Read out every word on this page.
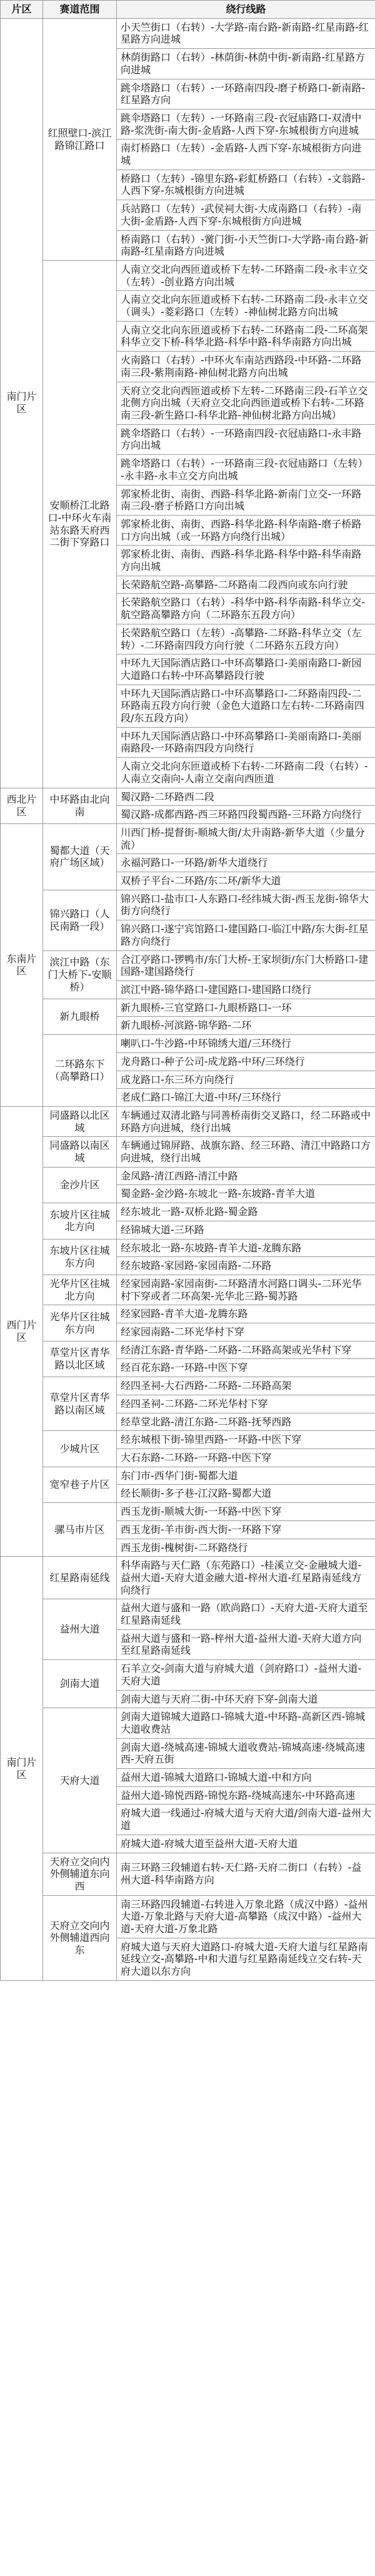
片区	赛道范围	绕行线路
南门片区	红照壁口-滨江路锦江路口	小天竺街口（右转）-大学路-南台路-新南路-红星南路-红星路方向进城
		林荫街路口（右转）-林荫街-林荫中街-新南路-红星路方向进城
		跳伞塔路口（右转）-一环路南四段-磨子桥路口-新南路-红星路方向
		跳伞塔路口（左转）-一环路南三段-衣冠庙路口-双清中路-浆洗街-南大街-金盾路-人西下穿-东城根街方向进城
		南灯桥路口（左转）-金盾路-人西下穿-东城根街方向进城
		桥路口（左转）-锦里东路-彩虹桥路口（右转）-文翁路-人西下穿-东城根街方向进城
		兵站路口（左转）-武侯祠大街-大成南路口（右转）-南大街-金盾路-人西下穿-东城根街方向进城
		桥南路口（右转）-黉门街-小天竺街口-大学路-南台路-新南路-红星南路方向进城
	安顺桥江北路口-中环火车南站东路天府西二街下穿路口	人南立交北向西匝道或桥下左转-二环路南二段-永丰立交（左转）-创业路方向出城
		人南立交北向东匝道或桥下右转-二环路南二段-永丰立交（调头）-菱彩路口（左转）-神仙树北路方向出城
		人南立交北向东匝道或桥下右转-二环路南二段-二环高架科华立交下桥-科华北路-科华中路-科华南路方向出城
		火南路口（右转）-中环火车南站西路段-中环路-二环路南三段-紫荆南路-神仙树北路方向出城
		天府立交北向西匝道或桥下左转-二环路南三段-石羊立交北侧方向出城（天府立交北向西匝道或桥下右转-二环路南三段-新生路口-科华北路-神仙树北路方向出城）
		跳伞塔路口（右转）-一环路南四段-衣冠庙路口-永丰路方向出城
		跳伞塔路口（右转）-一环路南三段-衣冠庙路口（左转）-永丰路-永丰立交方向出城
		郭家桥北街、南街、西路-科华北路-新南门立交-一环路南三段-磨子桥路口方向出城
		郭家桥北街、南街、西路-科华北路-科华南路-磨子桥路口方向出城（或一环路方向绕行出城）
		郭家桥北街、南街、西路-科华北路-科华中路-科华南路方向出城
		长荣路航空路-高攀路-二环路南二段西向或东向行驶
		长荣路航空路口（右转）-科华中路-科华南路-科华立交-航空路高攀路方向（二环路东五段方向）
		长荣路航空路口（左转）-高攀路-二环路-科华立交（左转）-二环路南四段方向行驶（二环路东五段方向）
		中环九天国际酒店路口-中环高攀路口-美丽南路口-新园大道路口右转-中环高攀路段行驶
		中环九天国际酒店路口-中环高攀路口-二环路南四段-二环路南五段方向行驶（金色大道路口左右转-二环路南四段/东五段方向）
		中环九天国际酒店路口-中环高攀路口-美丽南路口-美丽南路段-一环路南四段方向绕行
		人南立交北向东匝道或桥下右转-二环路南二段（右转）-人南立交南向-人南立交南向西匝道
西北片区	中环路由北向南	蜀汉路-二环路西二段
		蜀汉路-成都西路-西三环路四段蜀西路-三环路方向绕行
东南片区	蜀都大道（天府广场区域）	川西门桥-提督街-顺城大街/太升南路-新华大道（少量分流）
		永福河路口-一环路/新华大道绕行
		双桥子平台-二环路/东二环/新华大道
	锦兴路口（人民南路一段）	锦兴路口-盐市口-人东路口-经纬城大街-西玉龙街-锦华大街方向绕行
		锦兴路口-遂宁宾馆路口-建国路口-临江中路/东大街-红星路方向绕行
	滨江中路（东门大桥下-安顺桥）	合江亭路口-锣鸭市/东门大桥-王家坝街/东门大桥路口-建国路-建国路绕行
		滨江中路-锦华路口-建国路口-建国路口绕行
	新九眼桥	新九眼桥-三官堂路口-九眼桥路口-一环
		新九眼桥-河滨路-锦华路-二环
	二环路东下（高攀路口）	喇叭口-牛沙路-中环锦绣大道/三环绕行
		龙舟路口-种子公司-成龙路-中环/三环绕行
		成龙路口-东三环方向绕行
		老成仁路口-锦江大道-中环/三环绕行
西门片区	同盛路以北区域	车辆通过双清北路与同善桥南街交叉路口，经二环路或中环路方向进城，绕行出城
	同盛路以南区域	车辆通过锦屏路、战旗东路、经三环路、清江中路路口方向进城，绕行出城
	金沙片区	金凤路-清江西路-清江中路
		蜀金路-金沙路-东坡北一路-东坡路-青羊大道
	东坡片区往城北方向	经东坡北一路-双桥北路-蜀金路
		经锦城大道-三环路
	东坡片区往城东方向	经东坡北一路-东坡路-青羊大道-龙腾东路
		经东坡路-家园路-家园南路-二环路
	光华片区往城北方向	经家园南路-家园南街-二环路清水河路口调头-二环光华村下穿或者二环高架-光华北三路-蜀苏路
	光华片区往城东方向	经家园路-青羊大道-龙腾东路
		经家园南路-二环光华村下穿
	草堂片区青华路以北区域	经清江东路-青华路-二环路-二环路高架或光华村下穿
		经百花东路-一环路-中医下穿
	草堂片区青华路以南区域	经四圣祠-大石西路-二环路-二环路高架
		经四圣祠-二环路-二环光华村下穿
		经草堂北路-清江东路-二环路-抚琴西路
	少城片区	经东城根下街-锦里西路-一环路-中医下穿
		大石东路-二环路-一环路-中医下穿
	宽窄巷子片区	东门市-西华门街-蜀都大道
		经长顺街-多子巷-江汉路-蜀都大道
	骡马市片区	西玉龙街-顺城大街-一环路-中医下穿
		西玉龙街-羊市街-西大街-一环路下穿
		西玉龙街-槐树街-二环路绕行
南门片区	红星路南延线	科华南路与天仁路（东苑路口）-桂溪立交-金融城大道-益州大道-天府大道金融大道-梓州大道-红星路南延线方向绕行
	益州大道	益州大道与盛和一路（欧尚路口）-天府大道-天府大道至红星路南延线
		益州大道与盛和一路-梓州大道-益州大道-天府大道方向至红星路南延线
	剑南大道	石羊立交-剑南大道与府城大道（剑府路口）-益州大道-天府大道
		剑南大道与天府二街-中环天府下穿-剑南大道
	天府大道	剑南大道锦城大道路口-锦城大道-中环路-高新区西-锦城大道收费站
		剑南大道-绕城高速-锦城大道收费站-锦城高速-绕城高速西-天府五街
		益州大道-锦城大道路口-锦城大道-中和方向
		益州大道-锦悦西路-锦悦东路-绕城高速东-中环路高速
		府城大道一线通过-府城大道与天府大道/剑南大道-益州大道
		府城大道-府城大道至益州大道-天府大道
	天府立交向内外侧辅道东向西	南三环路三段辅道右转-天仁路-天府二街口（右转）-益州大道-科华南路方向
	天府立交向内外侧辅道西向东	南三环路四段辅道-右转进入万象北路（成汉中路）-益州大道-万象北路与天府大道-高攀路（成汉中路）-益州大道-天府大道-万象北路
		府城大道与天府大道路口-府城大道-天府大道与红星路南延线立交-高攀路-中和大道与红星路南延线立交右转-天府大道以东方向
